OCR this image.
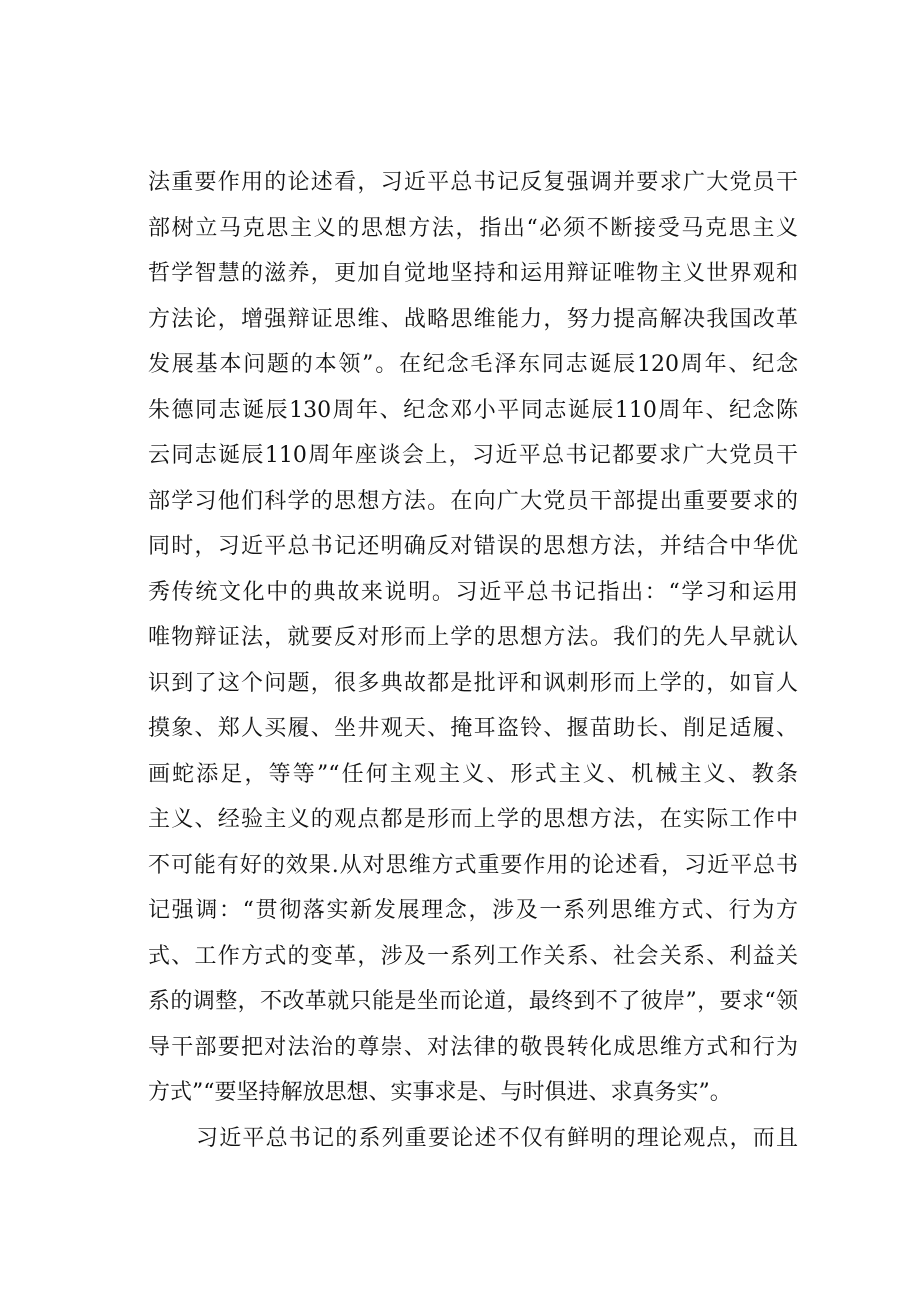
法重要作用的论述看，习近平总书记反复强调并要求广大党员干
部树立马克思主义的思想方法，指出“必须不断接受马克思主义
哲学智慧的滋养，更加自觉地坚持和运用辩证唯物主义世界观和
方法论，增强辩证思维、战略思维能力，努力提高解决我国改革
发展基本问题的本领”。在纪念毛泽东同志诞辰120周年、纪念
朱德同志诞辰130周年、纪念邓小平同志诞辰110周年、纪念陈
云同志诞辰110周年座谈会上，习近平总书记都要求广大党员干
部学习他们科学的思想方法。在向广大党员干部提出重要要求的
同时，习近平总书记还明确反对错误的思想方法，并结合中华优
秀传统文化中的典故来说明。习近平总书记指出：“学习和运用
唯物辩证法，就要反对形而上学的思想方法。我们的先人早就认
识到了这个问题，很多典故都是批评和讽刺形而上学的，如盲人
摸象、郑人买履、坐井观天、掩耳盗铃、揠苗助长、削足适履、
画蛇添足，等等”“任何主观主义、形式主义、机械主义、教条
主义、经验主义的观点都是形而上学的思想方法，在实际工作中
不可能有好的效果.从对思维方式重要作用的论述看，习近平总书
记强调：“贯彻落实新发展理念，涉及一系列思维方式、行为方
式、工作方式的变革，涉及一系列工作关系、社会关系、利益关
系的调整，不改革就只能是坐而论道，最终到不了彼岸”，要求“领
导干部要把对法治的尊崇、对法律的敬畏转化成思维方式和行为
方式”“要坚持解放思想、实事求是、与时俱进、求真务实”。
习近平总书记的系列重要论述不仅有鲜明的理论观点，而且
